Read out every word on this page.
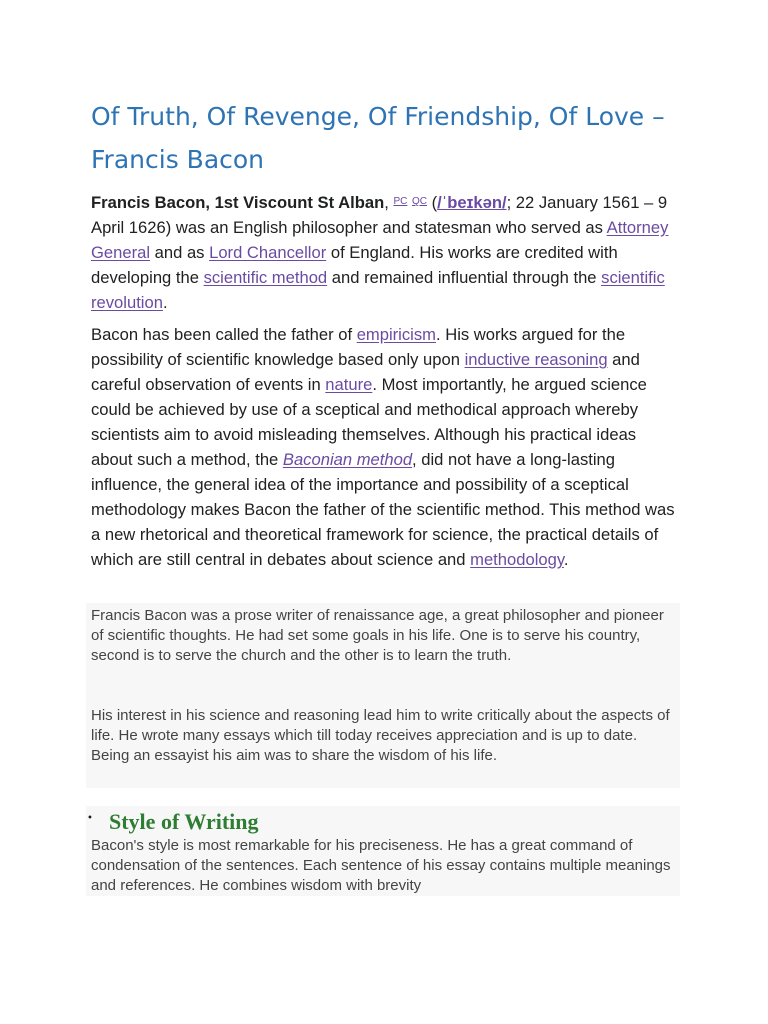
Of Truth, Of Revenge, Of Friendship, Of Love – Francis Bacon

Francis Bacon, 1st Viscount St Alban, $^{PC}$ $^{QC}$ (/ˈbeɪkən/; 22 January 1561 – 9 April 1626) was an English philosopher and statesman who served as Attorney General and as Lord Chancellor of England. His works are credited with developing the scientific method and remained influential through the scientific revolution.

Bacon has been called the father of empiricism. His works argued for the possibility of scientific knowledge based only upon inductive reasoning and careful observation of events in nature. Most importantly, he argued science could be achieved by use of a sceptical and methodical approach whereby scientists aim to avoid misleading themselves. Although his practical ideas about such a method, the Baconian method, did not have a long-lasting influence, the general idea of the importance and possibility of a sceptical methodology makes Bacon the father of the scientific method. This method was a new rhetorical and theoretical framework for science, the practical details of which are still central in debates about science and methodology.

Francis Bacon was a prose writer of renaissance age, a great philosopher and pioneer of scientific thoughts. He had set some goals in his life. One is to serve his country, second is to serve the church and the other is to learn the truth.

His interest in his science and reasoning lead him to write critically about the aspects of life. He wrote many essays which till today receives appreciation and is up to date. Being an essayist his aim was to share the wisdom of his life.

• Style of Writing

Bacon's style is most remarkable for his preciseness. He has a great command of condensation of the sentences. Each sentence of his essay contains multiple meanings and references. He combines wisdom with brevity
